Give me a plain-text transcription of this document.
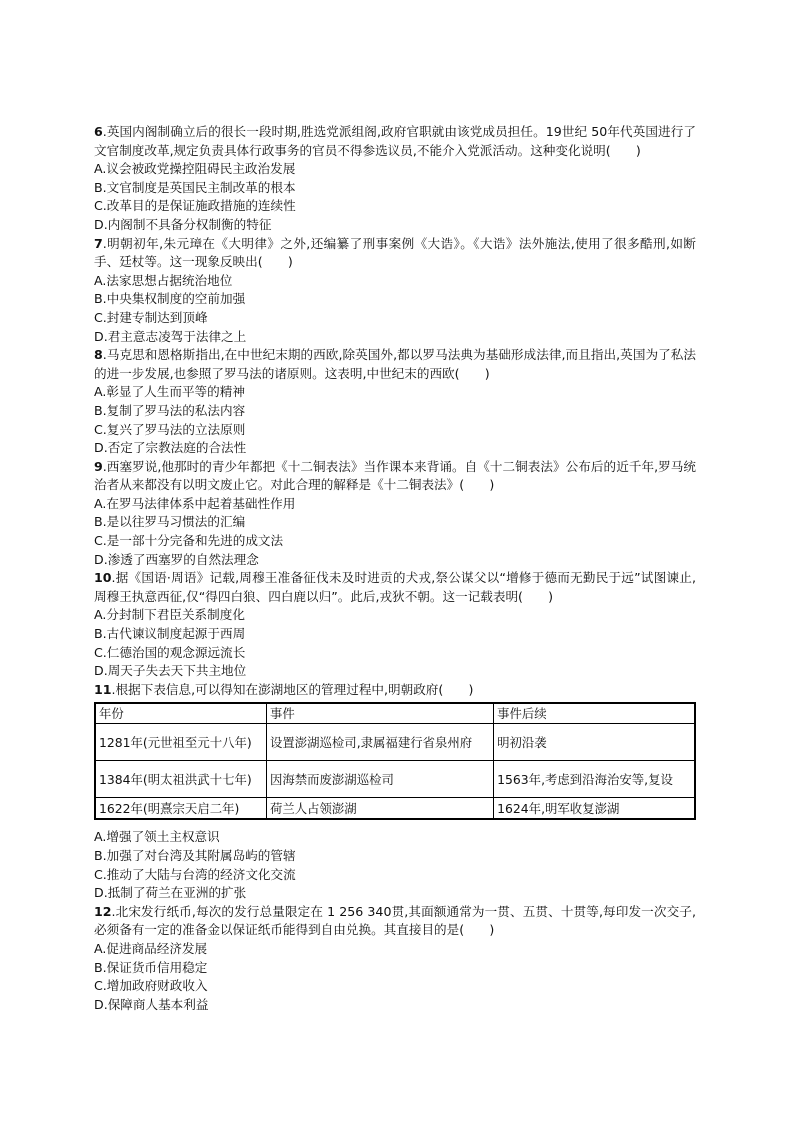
6.英国内阁制确立后的很长一段时期,胜选党派组阁,政府官职就由该党成员担任。19世纪 50年代英国进行了文官制度改革,规定负责具体行政事务的官员不得参选议员,不能介入党派活动。这种变化说明(　　)

A.议会被政党操控阻碍民主政治发展

B.文官制度是英国民主制改革的根本

C.改革目的是保证施政措施的连续性

D.内阁制不具备分权制衡的特征

7.明朝初年,朱元璋在《大明律》之外,还编纂了刑事案例《大诰》。《大诰》法外施法,使用了很多酷刑,如断手、廷杖等。这一现象反映出(　　)

A.法家思想占据统治地位

B.中央集权制度的空前加强

C.封建专制达到顶峰

D.君主意志凌驾于法律之上

8.马克思和恩格斯指出,在中世纪末期的西欧,除英国外,都以罗马法典为基础形成法律,而且指出,英国为了私法的进一步发展,也参照了罗马法的诸原则。这表明,中世纪末的西欧(　　)

A.彰显了人生而平等的精神

B.复制了罗马法的私法内容

C.复兴了罗马法的立法原则

D.否定了宗教法庭的合法性

9.西塞罗说,他那时的青少年都把《十二铜表法》当作课本来背诵。自《十二铜表法》公布后的近千年,罗马统治者从来都没有以明文废止它。对此合理的解释是《十二铜表法》(　　)

A.在罗马法律体系中起着基础性作用

B.是以往罗马习惯法的汇编

C.是一部十分完备和先进的成文法

D.渗透了西塞罗的自然法理念

10.据《国语·周语》记载,周穆王准备征伐未及时进贡的犬戎,祭公谋父以“增修于德而无勤民于远”试图谏止,周穆王执意西征,仅“得四白狼、四白鹿以归”。此后,戎狄不朝。这一记载表明(　　)

A.分封制下君臣关系制度化

B.古代谏议制度起源于西周

C.仁德治国的观念源远流长

D.周天子失去天下共主地位

11.根据下表信息,可以得知在澎湖地区的管理过程中,明朝政府(　　)

年份	事件	事件后续
1281年(元世祖至元十八年)	设置澎湖巡检司,隶属福建行省泉州府	明初沿袭
1384年(明太祖洪武十七年)	因海禁而废澎湖巡检司	1563年,考虑到沿海治安等,复设
1622年(明熹宗天启二年)	荷兰人占领澎湖	1624年,明军收复澎湖

A.增强了领土主权意识

B.加强了对台湾及其附属岛屿的管辖

C.推动了大陆与台湾的经济文化交流

D.抵制了荷兰在亚洲的扩张

12.北宋发行纸币,每次的发行总量限定在 1 256 340贯,其面额通常为一贯、五贯、十贯等,每印发一次交子,必须备有一定的准备金以保证纸币能得到自由兑换。其直接目的是(　　)

A.促进商品经济发展

B.保证货币信用稳定

C.增加政府财政收入

D.保障商人基本利益
